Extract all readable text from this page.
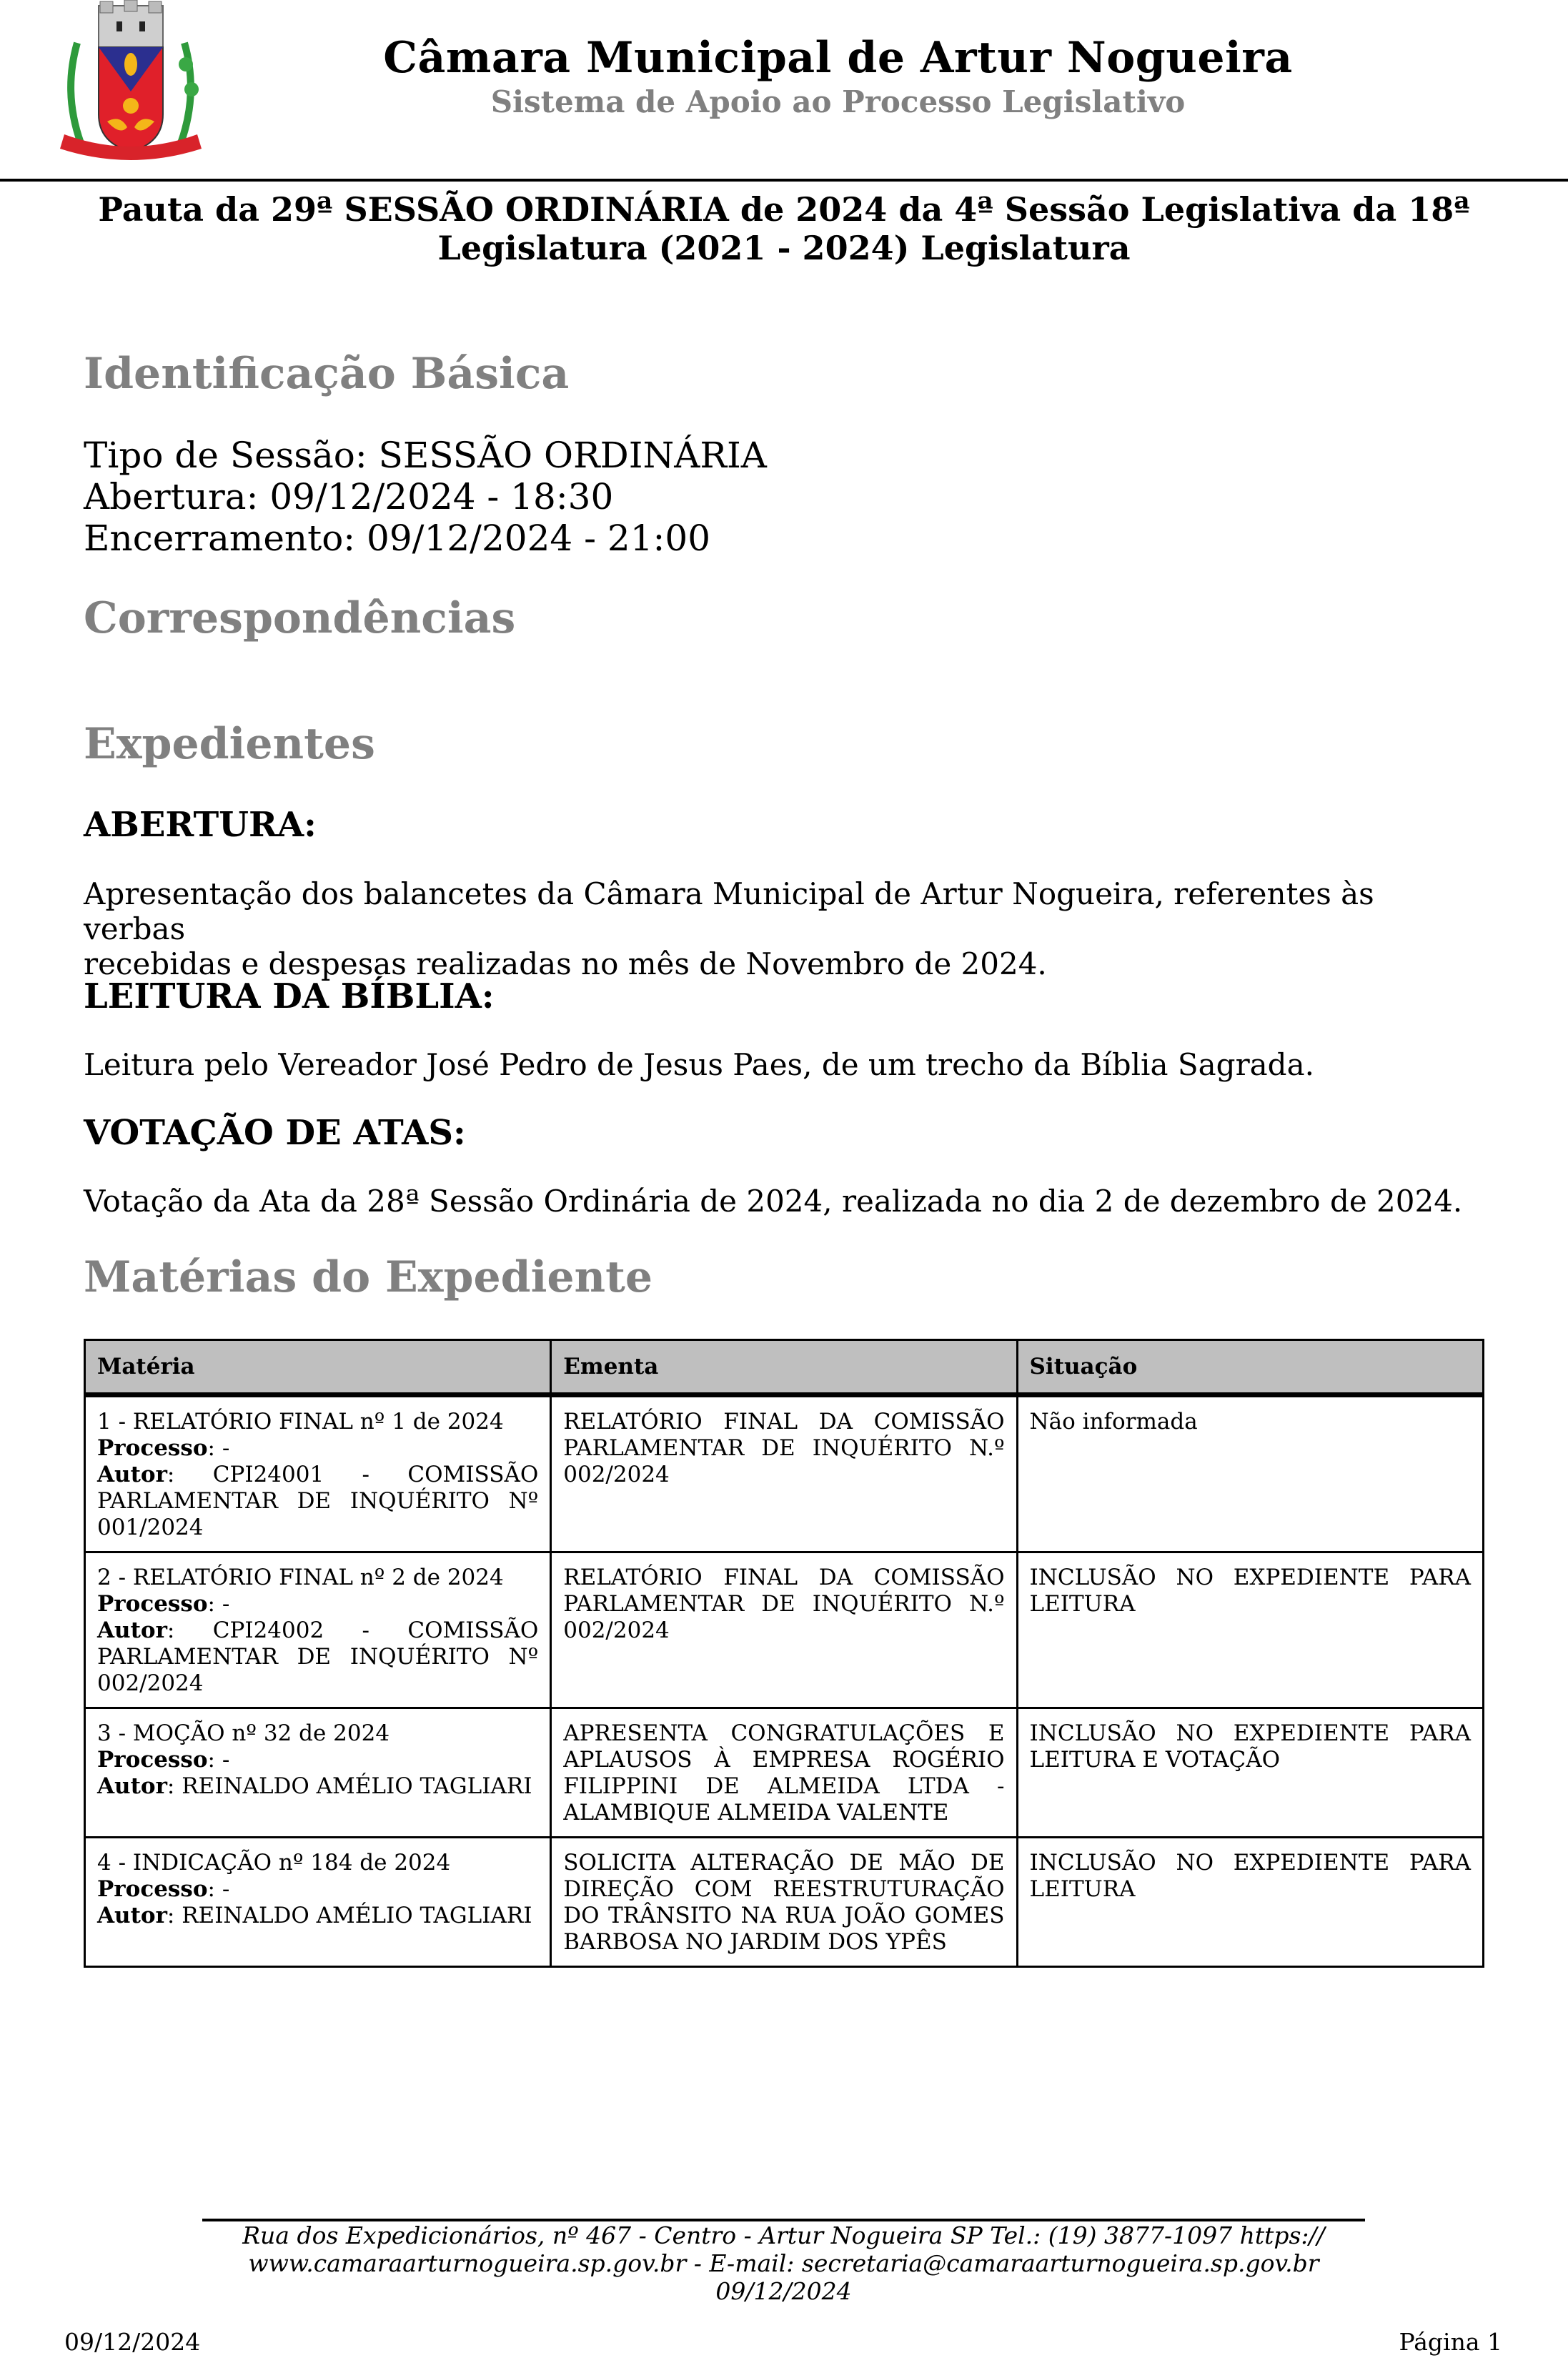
Câmara Municipal de Artur Nogueira
Sistema de Apoio ao Processo Legislativo
Pauta da 29ª SESSÃO ORDINÁRIA de 2024 da 4ª Sessão Legislativa da 18ª
Legislatura (2021 - 2024) Legislatura
Identificação Básica
Tipo de Sessão: SESSÃO ORDINÁRIA
Abertura: 09/12/2024 - 18:30
Encerramento: 09/12/2024 - 21:00
Correspondências
Expedientes
ABERTURA:
Apresentação dos balancetes da Câmara Municipal de Artur Nogueira, referentes às verbas
recebidas e despesas realizadas no mês de Novembro de 2024.
LEITURA DA BÍBLIA:
Leitura pelo Vereador José Pedro de Jesus Paes, de um trecho da Bíblia Sagrada.
VOTAÇÃO DE ATAS:
Votação da Ata da 28ª Sessão Ordinária de 2024, realizada no dia 2 de dezembro de 2024.
Matérias do Expediente
Matéria	Ementa	Situação

1 - RELATÓRIO FINAL nº 1 de 2024
Processo: -
Autor: CPI24001 - COMISSÃO PARLAMENTAR DE INQUÉRITO Nº 001/2024	RELATÓRIO FINAL DA COMISSÃO PARLAMENTAR DE INQUÉRITO N.º 002/2024	Não informada

2 - RELATÓRIO FINAL nº 2 de 2024
Processo: -
Autor: CPI24002 - COMISSÃO PARLAMENTAR DE INQUÉRITO Nº 002/2024	RELATÓRIO FINAL DA COMISSÃO PARLAMENTAR DE INQUÉRITO N.º 002/2024	INCLUSÃO NO EXPEDIENTE PARA LEITURA

3 - MOÇÃO nº 32 de 2024
Processo: -
Autor: REINALDO AMÉLIO TAGLIARI	APRESENTA CONGRATULAÇÕES E APLAUSOS À EMPRESA ROGÉRIO FILIPPINI DE ALMEIDA LTDA - ALAMBIQUE ALMEIDA VALENTE	INCLUSÃO NO EXPEDIENTE PARA LEITURA E VOTAÇÃO

4 - INDICAÇÃO nº 184 de 2024
Processo: -
Autor: REINALDO AMÉLIO TAGLIARI	SOLICITA ALTERAÇÃO DE MÃO DE DIREÇÃO COM REESTRUTURAÇÃO DO TRÂNSITO NA RUA JOÃO GOMES BARBOSA NO JARDIM DOS YPÊS	INCLUSÃO NO EXPEDIENTE PARA LEITURA
Rua dos Expedicionários, nº 467 - Centro - Artur Nogueira SP Tel.: (19) 3877-1097 https://
www.camaraarturnogueira.sp.gov.br - E-mail: secretaria@camaraarturnogueira.sp.gov.br
09/12/2024
09/12/2024	Página 1
